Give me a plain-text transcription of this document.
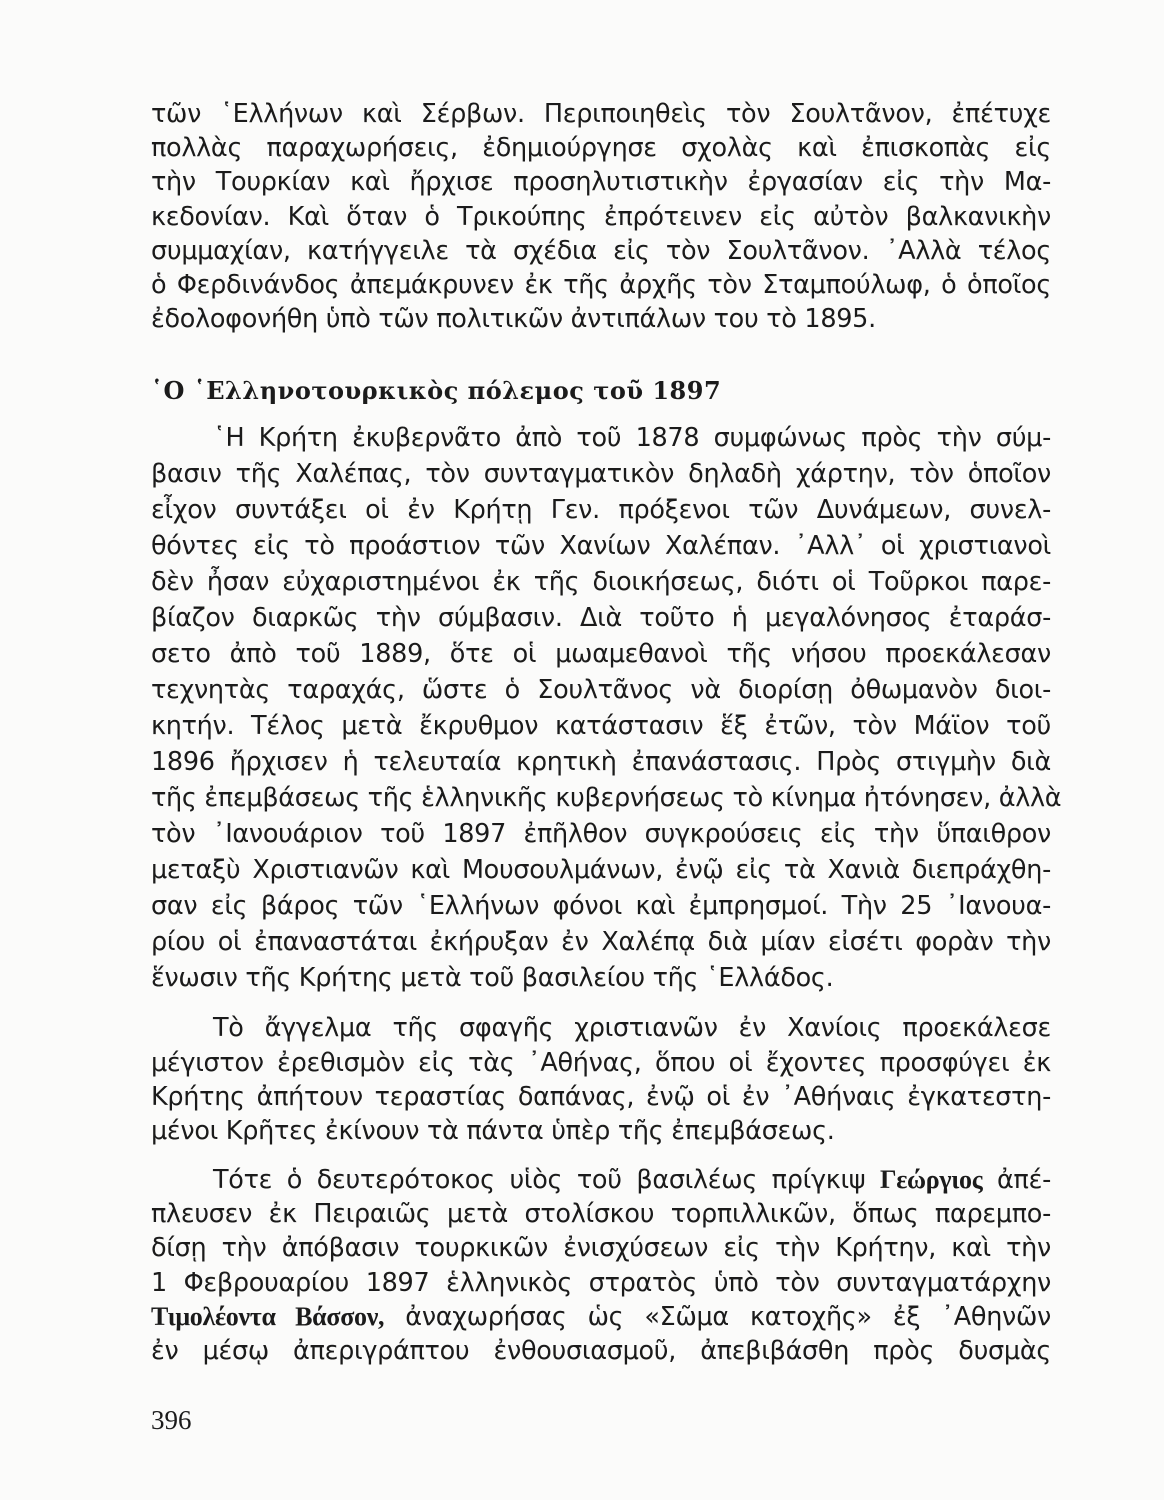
τῶν ῾Ελλήνων καὶ Σέρβων. Περιποιηθεὶς τὸν Σουλτᾶνον, ἐπέτυχε
πολλὰς παραχωρήσεις, ἐδημιούργησε σχολὰς καὶ ἐπισκοπὰς εἰς
τὴν Τουρκίαν καὶ ἤρχισε προσηλυτιστικὴν ἐργασίαν εἰς τὴν Μα-
κεδονίαν. Καὶ ὅταν ὁ Τρικούπης ἐπρότεινεν εἰς αὐτὸν βαλκανικὴν
συμμαχίαν, κατήγγειλε τὰ σχέδια εἰς τὸν Σουλτᾶνον. ᾿Αλλὰ τέλος
ὁ Φερδινάνδος ἀπεμάκρυνεν ἐκ τῆς ἀρχῆς τὸν Σταμπούλωφ, ὁ ὁποῖος
ἐδολοφονήθη ὑπὸ τῶν πολιτικῶν ἀντιπάλων του τὸ 1895.
῾Ο ῾Ελληνοτουρκικὸς πόλεμος τοῦ 1897
῾Η Κρήτη ἐκυβερνᾶτο ἀπὸ τοῦ 1878 συμφώνως πρὸς τὴν σύμ-
βασιν τῆς Χαλέπας, τὸν συνταγματικὸν δηλαδὴ χάρτην, τὸν ὁποῖον
εἶχον συντάξει οἱ ἐν Κρήτῃ Γεν. πρόξενοι τῶν Δυνάμεων, συνελ-
θόντες εἰς τὸ προάστιον τῶν Χανίων Χαλέπαν. ᾿Αλλ᾿ οἱ χριστιανοὶ
δὲν ἦσαν εὐχαριστημένοι ἐκ τῆς διοικήσεως, διότι οἱ Τοῦρκοι παρε-
βίαζον διαρκῶς τὴν σύμβασιν. Διὰ τοῦτο ἡ μεγαλόνησος ἐταράσ-
σετο ἀπὸ τοῦ 1889, ὅτε οἱ μωαμεθανοὶ τῆς νήσου προεκάλεσαν
τεχνητὰς ταραχάς, ὥστε ὁ Σουλτᾶνος νὰ διορίσῃ ὀθωμανὸν διοι-
κητήν. Τέλος μετὰ ἔκρυθμον κατάστασιν ἕξ ἐτῶν, τὸν Μάϊον τοῦ
1896 ἤρχισεν ἡ τελευταία κρητικὴ ἐπανάστασις. Πρὸς στιγμὴν διὰ
τῆς ἐπεμβάσεως τῆς ἑλληνικῆς κυβερνήσεως τὸ κίνημα ἠτόνησεν, ἀλλὰ
τὸν ᾿Ιανουάριον τοῦ 1897 ἐπῆλθον συγκρούσεις εἰς τὴν ὕπαιθρον
μεταξὺ Χριστιανῶν καὶ Μουσουλμάνων, ἐνῷ εἰς τὰ Χανιὰ διεπράχθη-
σαν εἰς βάρος τῶν ῾Ελλήνων φόνοι καὶ ἐμπρησμοί. Τὴν 25 ᾿Ιανουα-
ρίου οἱ ἐπαναστάται ἐκήρυξαν ἐν Χαλέπᾳ διὰ μίαν εἰσέτι φορὰν τὴν
ἕνωσιν τῆς Κρήτης μετὰ τοῦ βασιλείου τῆς ῾Ελλάδος.
Τὸ ἄγγελμα τῆς σφαγῆς χριστιανῶν ἐν Χανίοις προεκάλεσε
μέγιστον ἐρεθισμὸν εἰς τὰς ᾿Αθήνας, ὅπου οἱ ἔχοντες προσφύγει ἐκ
Κρήτης ἀπήτουν τεραστίας δαπάνας, ἐνῷ οἱ ἐν ᾿Αθήναις ἐγκατεστη-
μένοι Κρῆτες ἐκίνουν τὰ πάντα ὑπὲρ τῆς ἐπεμβάσεως.
Τότε ὁ δευτερότοκος υἱὸς τοῦ βασιλέως πρίγκιψ Γεώργιος ἀπέ-
πλευσεν ἐκ Πειραιῶς μετὰ στολίσκου τορπιλλικῶν, ὅπως παρεμπο-
δίσῃ τὴν ἀπόβασιν τουρκικῶν ἐνισχύσεων εἰς τὴν Κρήτην, καὶ τὴν
1 Φεβρουαρίου 1897 ἑλληνικὸς στρατὸς ὑπὸ τὸν συνταγματάρχην
Τιμολέοντα Βάσσον, ἀναχωρήσας ὡς «Σῶμα κατοχῆς» ἐξ ᾿Αθηνῶν
ἐν μέσῳ ἀπεριγράπτου ἐνθουσιασμοῦ, ἀπεβιβάσθη πρὸς δυσμὰς
396
